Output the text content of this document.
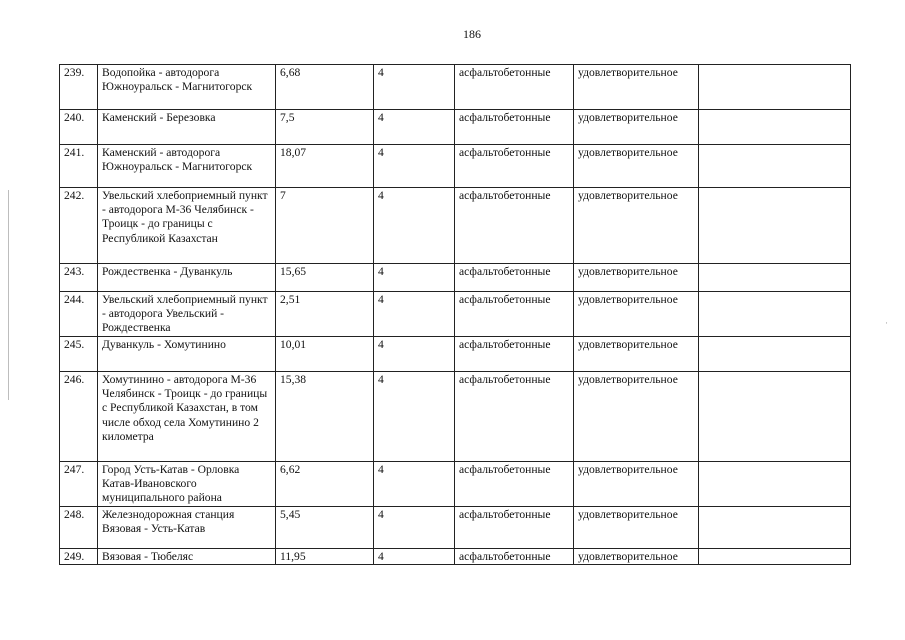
186
·
239.	Водопойка - автодорога Южноуральск - Магнитогорск	6,68	4	асфальтобетонные	удовлетворительное	
240.	Каменский - Березовка	7,5	4	асфальтобетонные	удовлетворительное	
241.	Каменский - автодорога Южноуральск - Магнитогорск	18,07	4	асфальтобетонные	удовлетворительное	
242.	Увельский хлебоприемный пункт - автодорога М-36 Челябинск - Троицк - до границы с Республикой Казахстан	7	4	асфальтобетонные	удовлетворительное	
243.	Рождественка - Дуванкуль	15,65	4	асфальтобетонные	удовлетворительное	
244.	Увельский хлебоприемный пункт - автодорога Увельский - Рождественка	2,51	4	асфальтобетонные	удовлетворительное	
245.	Дуванкуль - Хомутинино	10,01	4	асфальтобетонные	удовлетворительное	
246.	Хомутинино - автодорога М-36 Челябинск - Троицк - до границы с Республикой Казахстан, в том числе обход села Хомутинино 2 километра	15,38	4	асфальтобетонные	удовлетворительное	
247.	Город Усть-Катав - Орловка Катав-Ивановского муниципального района	6,62	4	асфальтобетонные	удовлетворительное	
248.	Железнодорожная станция Вязовая - Усть-Катав	5,45	4	асфальтобетонные	удовлетворительное	
249.	Вязовая - Тюбеляс	11,95	4	асфальтобетонные	удовлетворительное	
